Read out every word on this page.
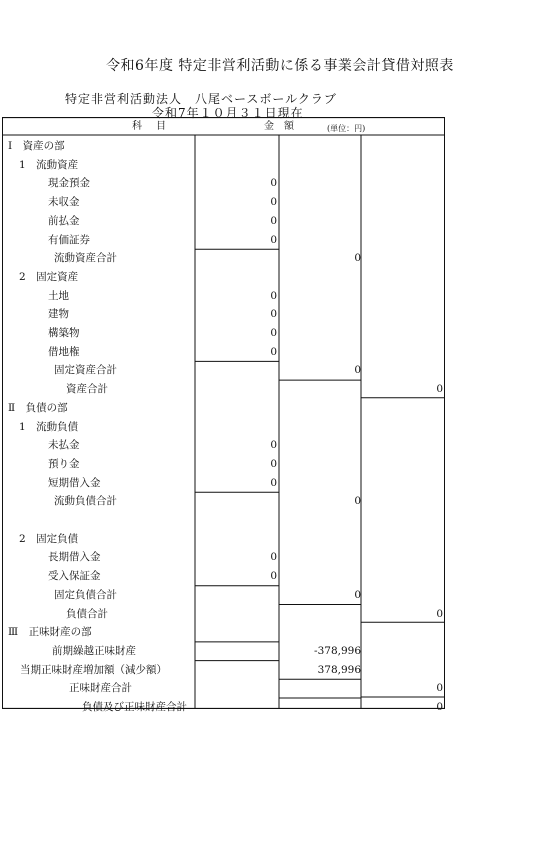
令和6年度 特定非営利活動に係る事業会計貸借対照表
特定非営利活動法人　八尾ベースボールクラブ
令和7年１０月３１日現在
科目	金額	(単位：円)
Ⅰ　資産の部
1　流動資産
現金預金	0
未収金	0
前払金	0
有価証券	0
流動資産合計	0
2　固定資産
土地	0
建物	0
構築物	0
借地権	0
固定資産合計	0
資産合計	0
Ⅱ　負債の部
1　流動負債
未払金	0
預り金	0
短期借入金	0
流動負債合計	0
2　固定負債
長期借入金	0
受入保証金	0
固定負債合計	0
負債合計	0
Ⅲ　正味財産の部
前期繰越正味財産	-378,996
当期正味財産増加額（減少額）	378,996
正味財産合計	0
負債及び正味財産合計	0
